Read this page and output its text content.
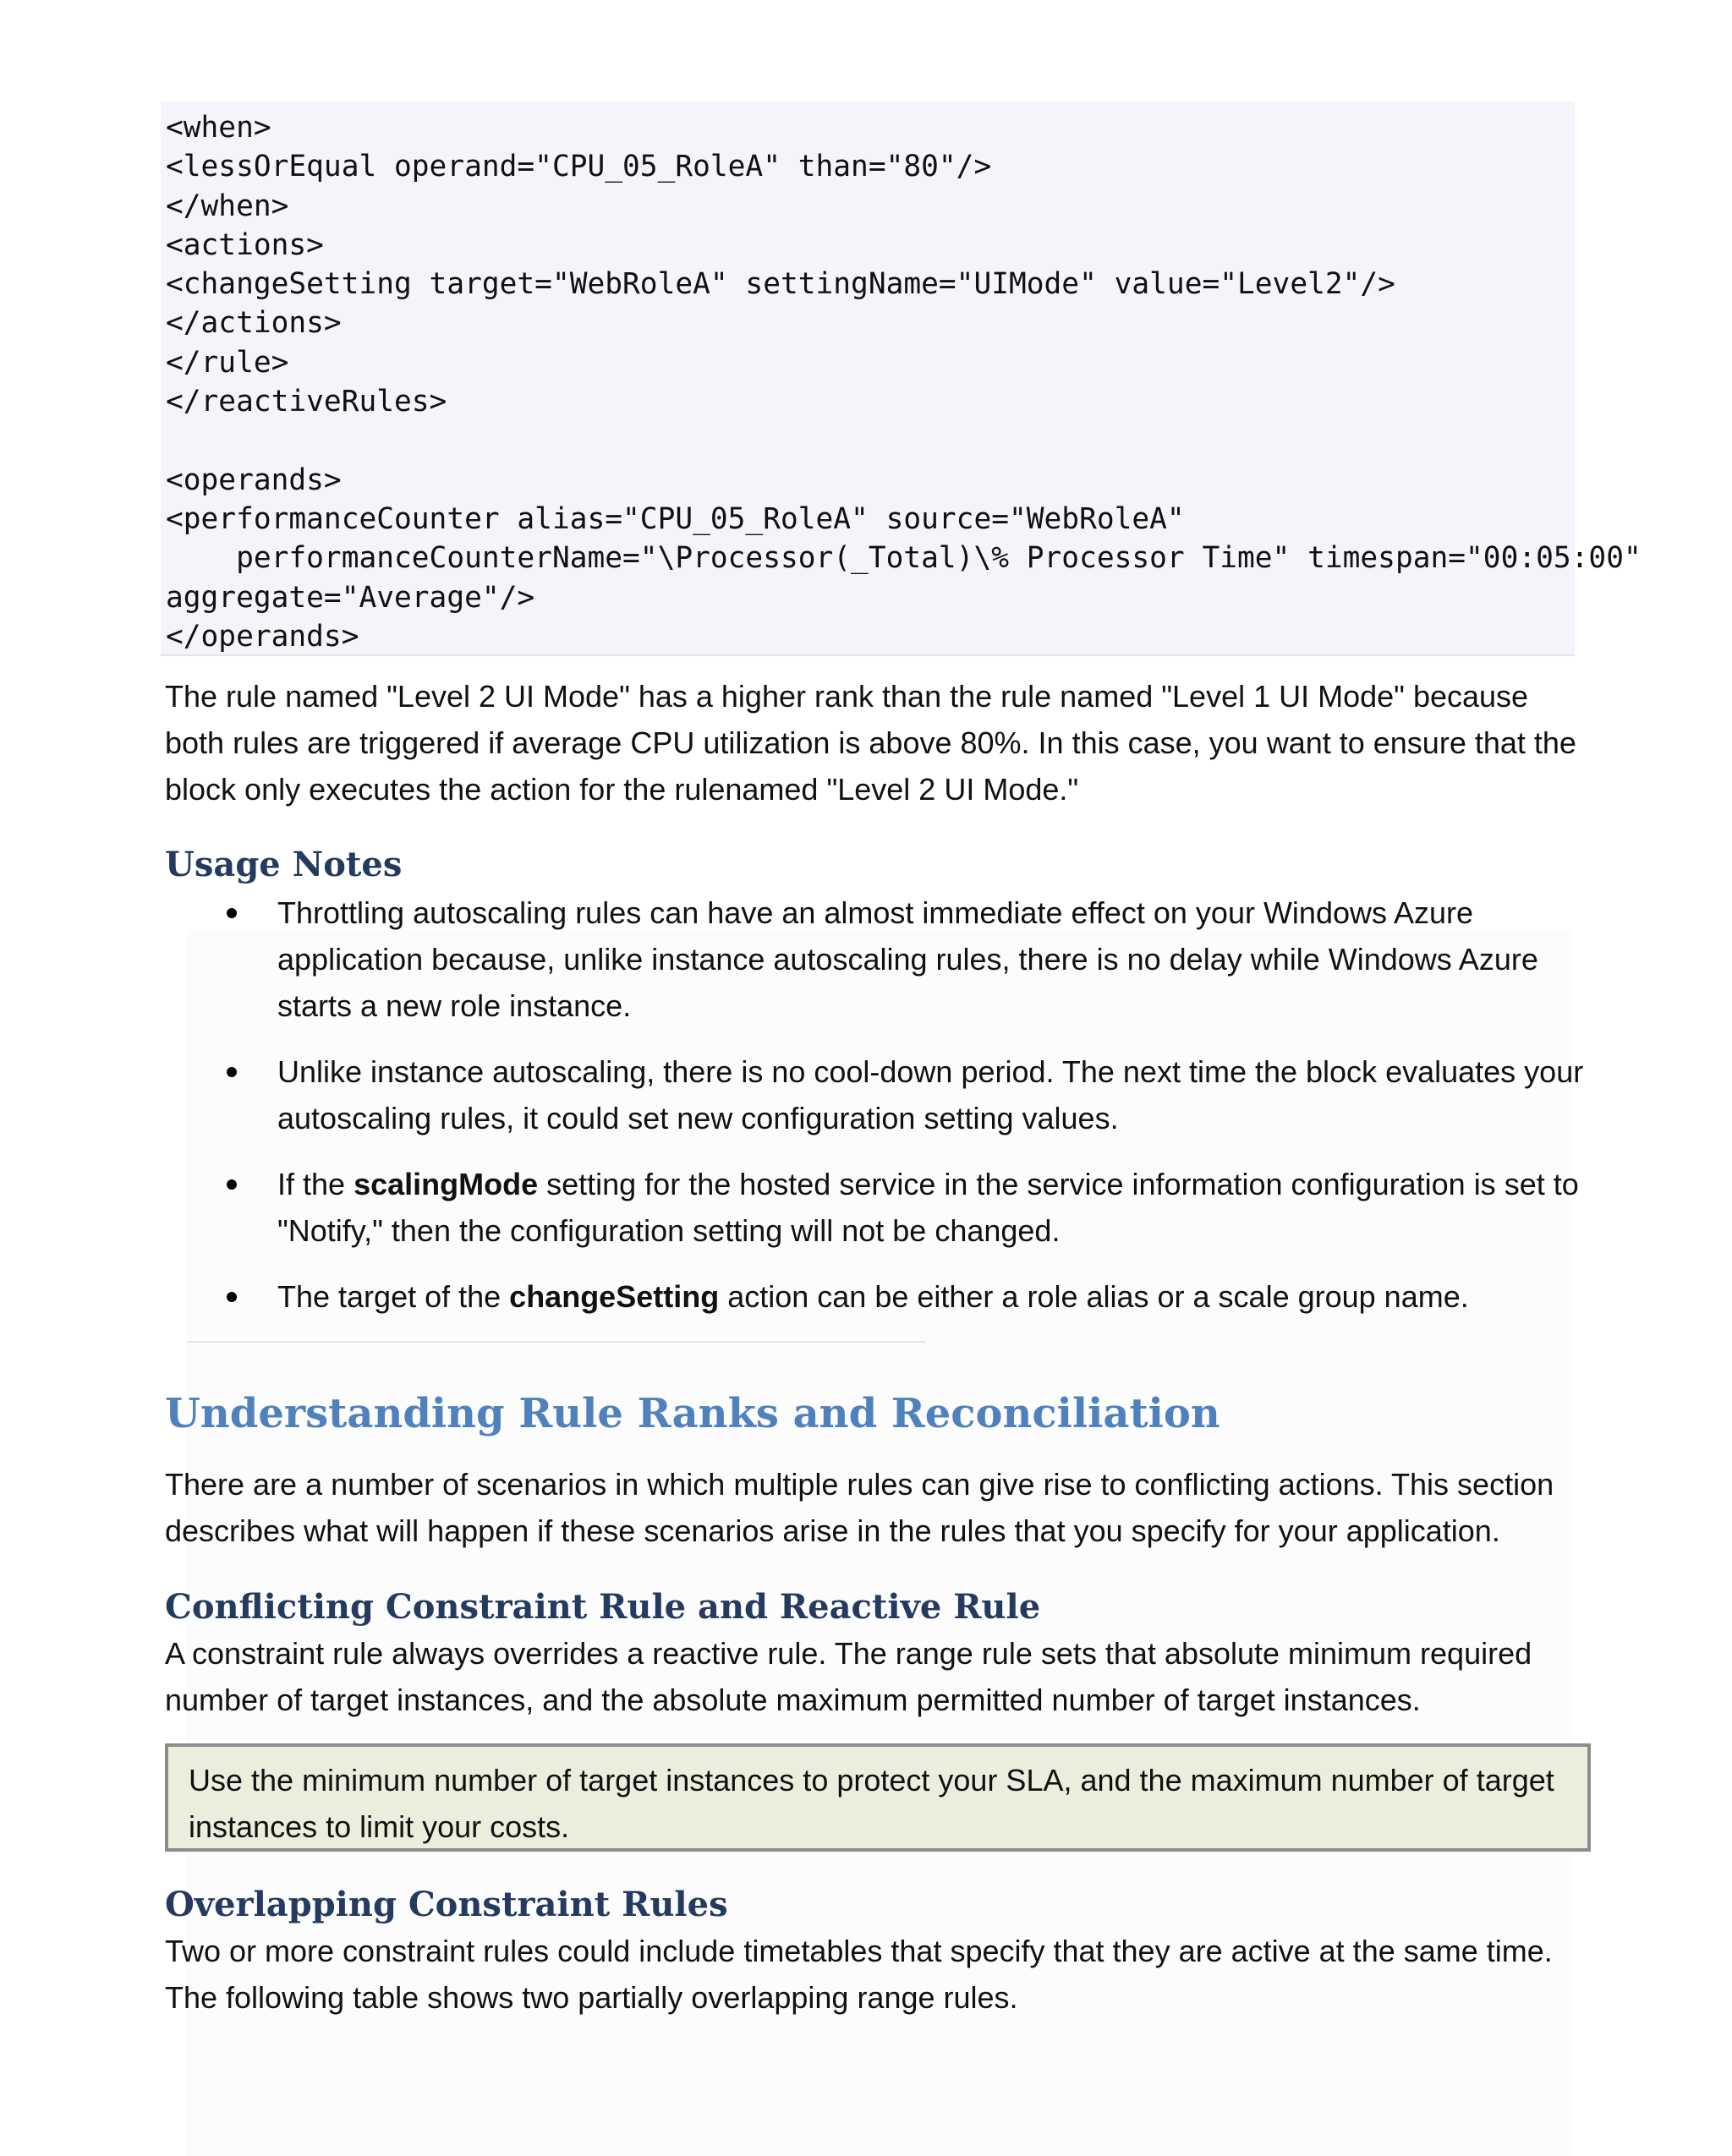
<when>
<lessOrEqual operand="CPU_05_RoleA" than="80"/>
</when>
<actions>
<changeSetting target="WebRoleA" settingName="UIMode" value="Level2"/>
</actions>
</rule>
</reactiveRules>

<operands>
<performanceCounter alias="CPU_05_RoleA" source="WebRoleA"
performanceCounterName="\Processor(_Total)\% Processor Time" timespan="00:05:00"
aggregate="Average"/>
</operands>

The rule named "Level 2 UI Mode" has a higher rank than the rule named "Level 1 UI Mode" because both rules are triggered if average CPU utilization is above 80%. In this case, you want to ensure that the block only executes the action for the rulenamed "Level 2 UI Mode."

Usage Notes
Throttling autoscaling rules can have an almost immediate effect on your Windows Azure application because, unlike instance autoscaling rules, there is no delay while Windows Azure starts a new role instance.
Unlike instance autoscaling, there is no cool-down period. The next time the block evaluates your autoscaling rules, it could set new configuration setting values.
If the scalingMode setting for the hosted service in the service information configuration is set to "Notify," then the configuration setting will not be changed.
The target of the changeSetting action can be either a role alias or a scale group name.
Understanding Rule Ranks and Reconciliation

There are a number of scenarios in which multiple rules can give rise to conflicting actions. This section describes what will happen if these scenarios arise in the rules that you specify for your application.

Conflicting Constraint Rule and Reactive Rule

A constraint rule always overrides a reactive rule. The range rule sets that absolute minimum required number of target instances, and the absolute maximum permitted number of target instances.

Use the minimum number of target instances to protect your SLA, and the maximum number of target instances to limit your costs.

Overlapping Constraint Rules

Two or more constraint rules could include timetables that specify that they are active at the same time. The following table shows two partially overlapping range rules.
